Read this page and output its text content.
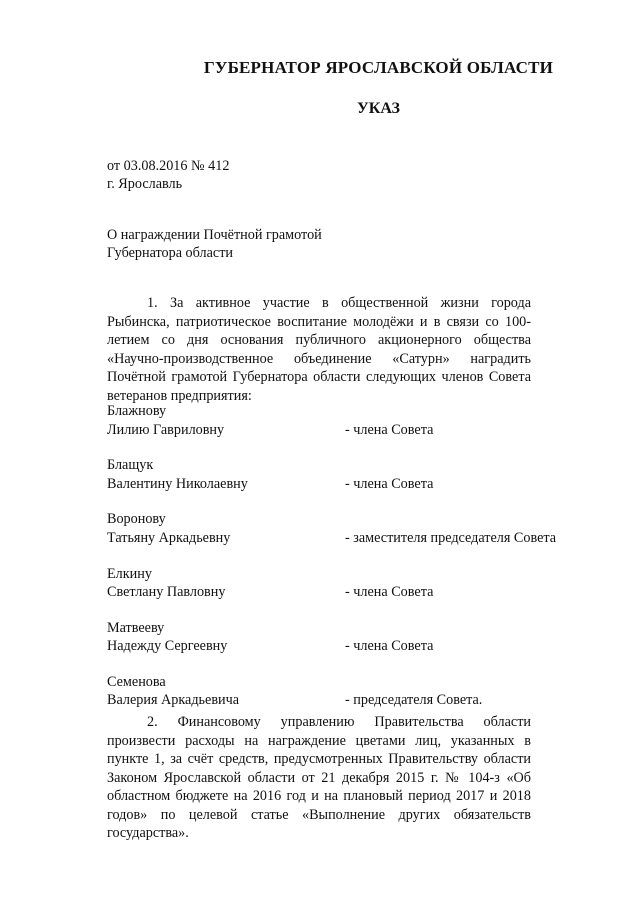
ГУБЕРНАТОР ЯРОСЛАВСКОЙ ОБЛАСТИ
УКАЗ
от 03.08.2016 № 412
г. Ярославль
О награждении Почётной грамотой
Губернатора области
1. За активное участие в общественной жизни города Рыбинска, патриотическое воспитание молодёжи и в связи со 100-летием со дня основания публичного акционерного общества «Научно-производственное объединение «Сатурн» наградить Почётной грамотой Губернатора области следующих членов Совета ветеранов предприятия:
Блажнову
Лилию Гавриловну	- члена Совета
Блащук
Валентину Николаевну	- члена Совета
Воронову
Татьяну Аркадьевну	- заместителя председателя Совета
Елкину
Светлану Павловну	- члена Совета
Матвееву
Надежду Сергеевну	- члена Совета
Семенова
Валерия Аркадьевича	- председателя Совета.
2. Финансовому управлению Правительства области произвести расходы на награждение цветами лиц, указанных в пункте 1, за счёт средств, предусмотренных Правительству области Законом Ярославской области от 21 декабря 2015 г. № 104-з «Об областном бюджете на 2016 год и на плановый период 2017 и 2018 годов» по целевой статье «Выполнение других обязательств государства».
